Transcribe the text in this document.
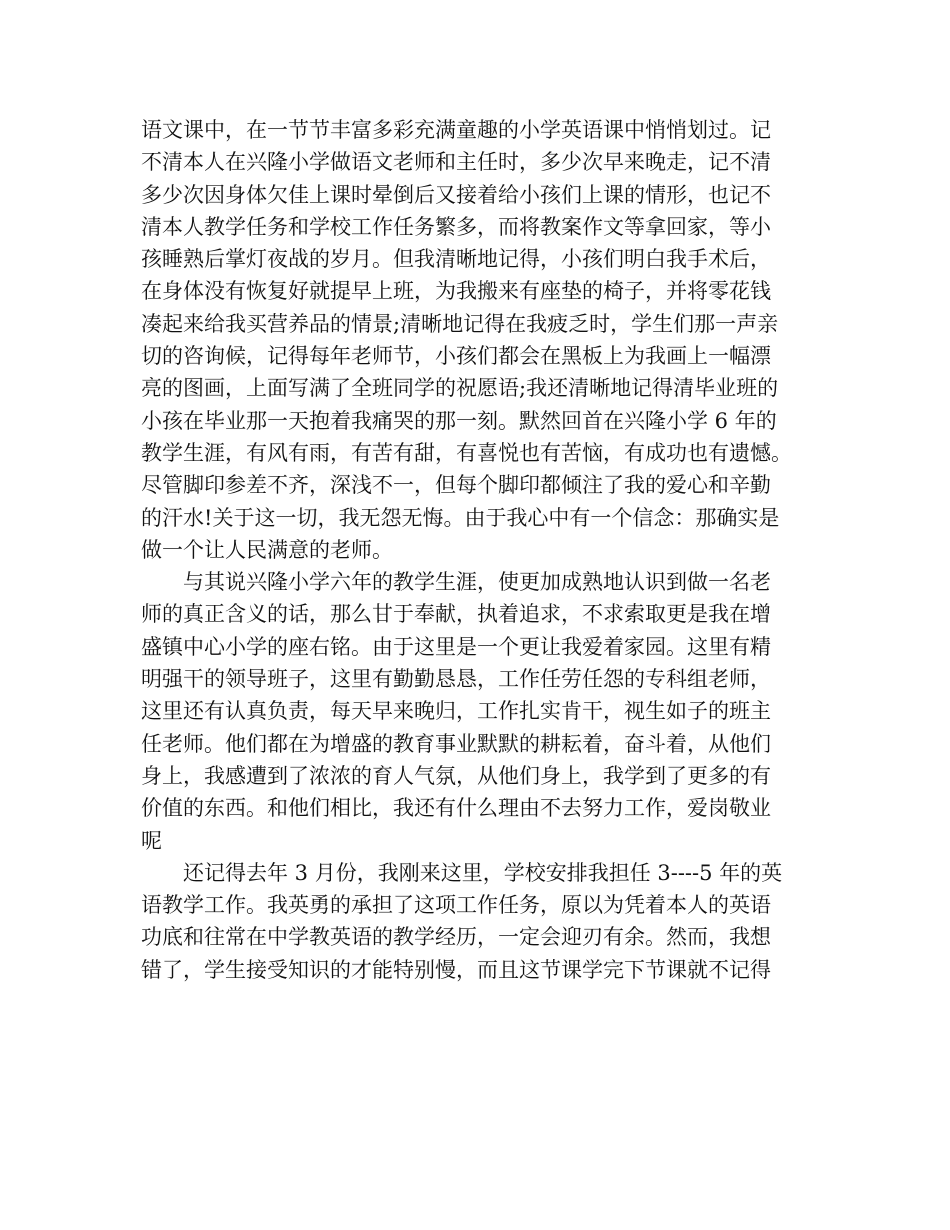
语文课中，在一节节丰富多彩充满童趣的小学英语课中悄悄划过。记
不清本人在兴隆小学做语文老师和主任时，多少次早来晚走，记不清
多少次因身体欠佳上课时晕倒后又接着给小孩们上课的情形，也记不
清本人教学任务和学校工作任务繁多，而将教案作文等拿回家，等小
孩睡熟后掌灯夜战的岁月。但我清晰地记得，小孩们明白我手术后，
在身体没有恢复好就提早上班，为我搬来有座垫的椅子，并将零花钱
凑起来给我买营养品的情景;清晰地记得在我疲乏时，学生们那一声亲
切的咨询候，记得每年老师节，小孩们都会在黑板上为我画上一幅漂
亮的图画，上面写满了全班同学的祝愿语;我还清晰地记得清毕业班的
小孩在毕业那一天抱着我痛哭的那一刻。默然回首在兴隆小学 6 年的
教学生涯，有风有雨，有苦有甜，有喜悦也有苦恼，有成功也有遗憾。
尽管脚印参差不齐，深浅不一，但每个脚印都倾注了我的爱心和辛勤
的汗水!关于这一切，我无怨无悔。由于我心中有一个信念：那确实是
做一个让人民满意的老师。
与其说兴隆小学六年的教学生涯，使更加成熟地认识到做一名老
师的真正含义的话，那么甘于奉献，执着追求，不求索取更是我在增
盛镇中心小学的座右铭。由于这里是一个更让我爱着家园。这里有精
明强干的领导班子，这里有勤勤恳恳，工作任劳任怨的专科组老师，
这里还有认真负责，每天早来晚归，工作扎实肯干，视生如子的班主
任老师。他们都在为增盛的教育事业默默的耕耘着，奋斗着，从他们
身上，我感遭到了浓浓的育人气氛，从他们身上，我学到了更多的有
价值的东西。和他们相比，我还有什么理由不去努力工作，爱岗敬业
呢
还记得去年 3 月份，我刚来这里，学校安排我担任 3----5 年的英
语教学工作。我英勇的承担了这项工作任务，原以为凭着本人的英语
功底和往常在中学教英语的教学经历，一定会迎刃有余。然而，我想
错了，学生接受知识的才能特别慢，而且这节课学完下节课就不记得
